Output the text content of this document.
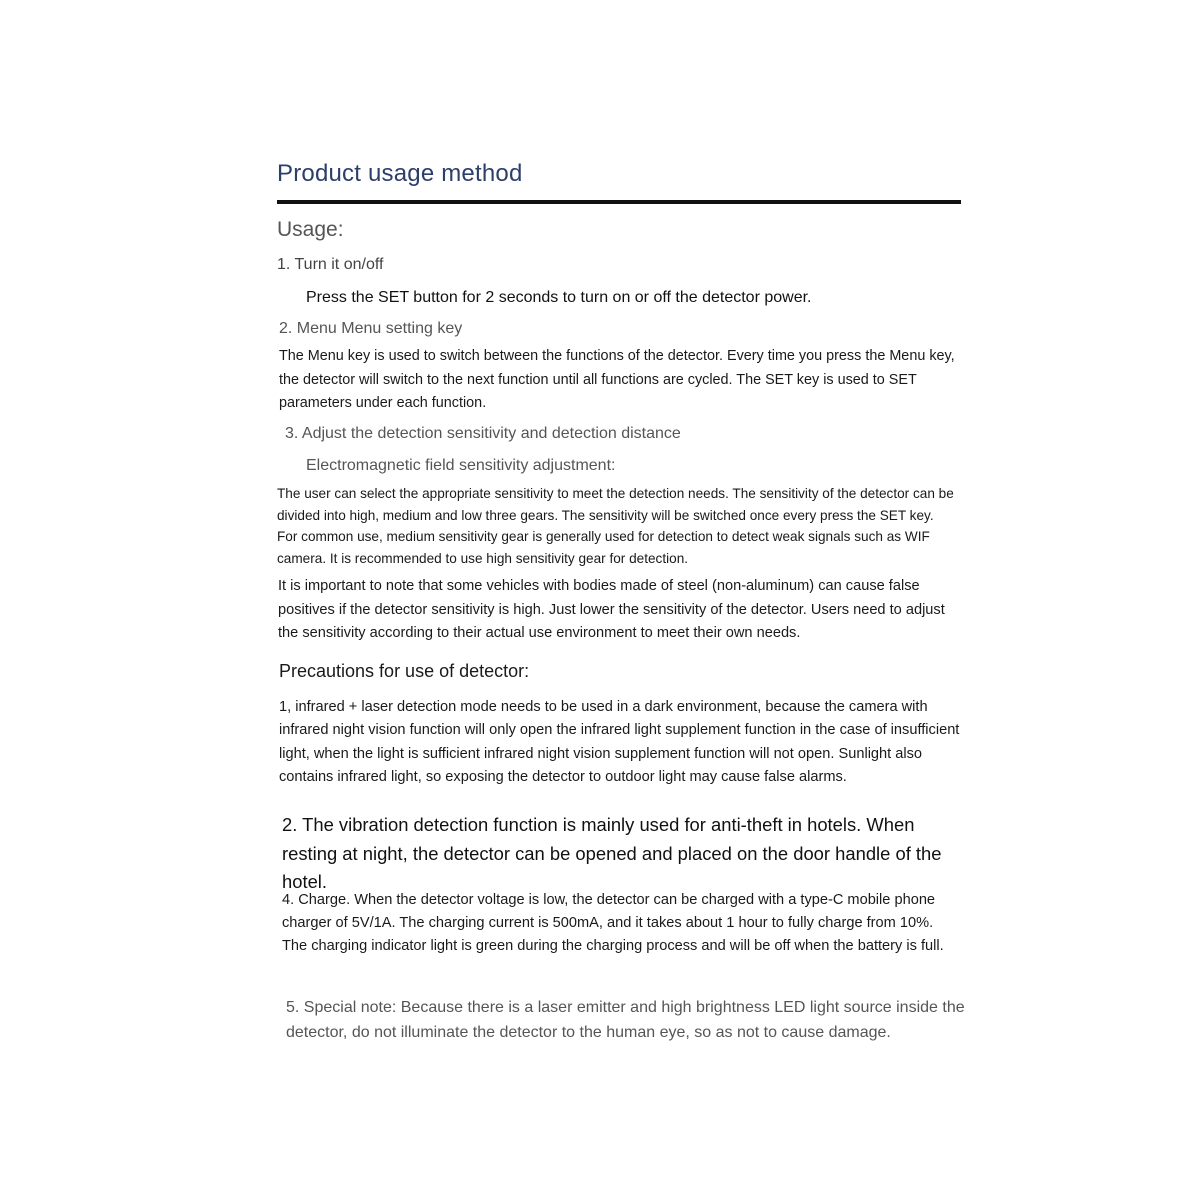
Product usage method
Usage:
1. Turn it on/off
Press the SET button for 2 seconds to turn on or off the detector power.
2. Menu Menu setting key

The Menu key is used to switch between the functions of the detector. Every time you press the Menu key, the detector will switch to the next function until all functions are cycled. The SET key is used to SET parameters under each function.

3. Adjust the detection sensitivity and detection distance
Electromagnetic field sensitivity adjustment:

The user can select the appropriate sensitivity to meet the detection needs. The sensitivity of the detector can be divided into high, medium and low three gears. The sensitivity will be switched once every press the SET key. For common use, medium sensitivity gear is generally used for detection to detect weak signals such as WIF camera. It is recommended to use high sensitivity gear for detection.

It is important to note that some vehicles with bodies made of steel (non-aluminum) can cause false positives if the detector sensitivity is high. Just lower the sensitivity of the detector. Users need to adjust the sensitivity according to their actual use environment to meet their own needs.

Precautions for use of detector:

1, infrared + laser detection mode needs to be used in a dark environment, because the camera with infrared night vision function will only open the infrared light supplement function in the case of insufficient light, when the light is sufficient infrared night vision supplement function will not open. Sunlight also contains infrared light, so exposing the detector to outdoor light may cause false alarms.

2. The vibration detection function is mainly used for anti-theft in hotels. When resting at night, the detector can be opened and placed on the door handle of the hotel.

4. Charge. When the detector voltage is low, the detector can be charged with a type-C mobile phone charger of 5V/1A. The charging current is 500mA, and it takes about 1 hour to fully charge from 10%. The charging indicator light is green during the charging process and will be off when the battery is full.

5. Special note: Because there is a laser emitter and high brightness LED light source inside the detector, do not illuminate the detector to the human eye, so as not to cause damage.
